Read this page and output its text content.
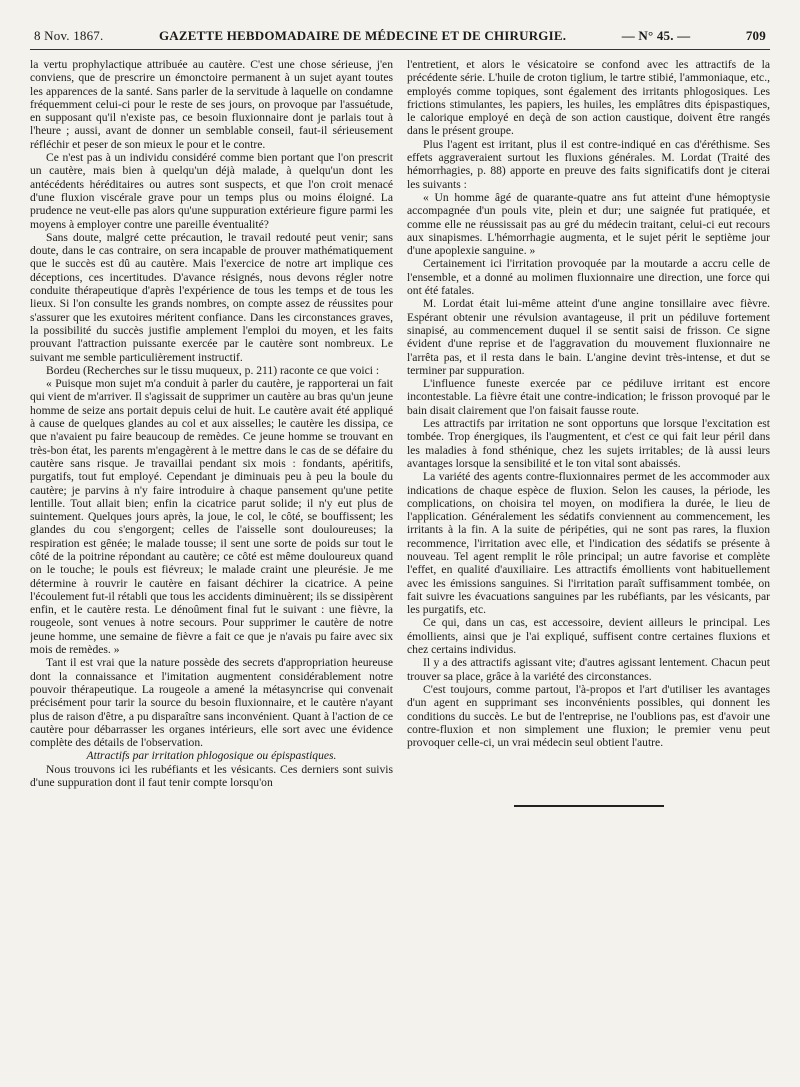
8 Nov. 1867.	GAZETTE HEBDOMADAIRE DE MÉDECINE ET DE CHIRURGIE.	— N° 45. —	709

la vertu prophylactique attribuée au cautère. C'est une chose sérieuse, j'en conviens, que de prescrire un émonctoire permanent à un sujet ayant toutes les apparences de la santé. Sans parler de la servitude à laquelle on condamne fréquemment celui-ci pour le reste de ses jours, on provoque par l'assuétude, en supposant qu'il n'existe pas, ce besoin fluxionnaire dont je parlais tout à l'heure ; aussi, avant de donner un semblable conseil, faut-il sérieusement réfléchir et peser de son mieux le pour et le contre.

Ce n'est pas à un individu considéré comme bien portant que l'on prescrit un cautère, mais bien à quelqu'un déjà malade, à quelqu'un dont les antécédents héréditaires ou autres sont suspects, et que l'on croit menacé d'une fluxion viscérale grave pour un temps plus ou moins éloigné. La prudence ne veut-elle pas alors qu'une suppuration extérieure figure parmi les moyens à employer contre une pareille éventualité?

Sans doute, malgré cette précaution, le travail redouté peut venir; sans doute, dans le cas contraire, on sera incapable de prouver mathématiquement que le succès est dû au cautère. Mais l'exercice de notre art implique ces déceptions, ces incertitudes. D'avance résignés, nous devons régler notre conduite thérapeutique d'après l'expérience de tous les temps et de tous les lieux. Si l'on consulte les grands nombres, on compte assez de réussites pour s'assurer que les exutoires méritent confiance. Dans les circonstances graves, la possibilité du succès justifie amplement l'emploi du moyen, et les faits prouvant l'attraction puissante exercée par le cautère sont nombreux. Le suivant me semble particulièrement instructif.

Bordeu (Recherches sur le tissu muqueux, p. 211) raconte ce que voici :

« Puisque mon sujet m'a conduit à parler du cautère, je rapporterai un fait qui vient de m'arriver. Il s'agissait de supprimer un cautère au bras qu'un jeune homme de seize ans portait depuis celui de huit. Le cautère avait été appliqué à cause de quelques glandes au col et aux aisselles; le cautère les dissipa, ce que n'avaient pu faire beaucoup de remèdes. Ce jeune homme se trouvant en très-bon état, les parents m'engagèrent à le mettre dans le cas de se défaire du cautère sans risque. Je travaillai pendant six mois : fondants, apéritifs, purgatifs, tout fut employé. Cependant je diminuais peu à peu la boule du cautère; je parvins à n'y faire introduire à chaque pansement qu'une petite lentille. Tout allait bien; enfin la cicatrice parut solide; il n'y eut plus de suintement. Quelques jours après, la joue, le col, le côté, se bouffissent; les glandes du cou s'engorgent; celles de l'aisselle sont douloureuses; la respiration est gênée; le malade tousse; il sent une sorte de poids sur tout le côté de la poitrine répondant au cautère; ce côté est même douloureux quand on le touche; le pouls est fiévreux; le malade craint une pleurésie. Je me détermine à rouvrir le cautère en faisant déchirer la cicatrice. A peine l'écoulement fut-il rétabli que tous les accidents diminuèrent; ils se dissipèrent enfin, et le cautère resta. Le dénoûment final fut le suivant : une fièvre, la rougeole, sont venues à notre secours. Pour supprimer le cautère de notre jeune homme, une semaine de fièvre a fait ce que je n'avais pu faire avec six mois de remèdes. »

Tant il est vrai que la nature possède des secrets d'appropriation heureuse dont la connaissance et l'imitation augmentent considérablement notre pouvoir thérapeutique. La rougeole a amené la métasyncrise qui convenait précisément pour tarir la source du besoin fluxionnaire, et le cautère n'ayant plus de raison d'être, a pu disparaître sans inconvénient. Quant à l'action de ce cautère pour débarrasser les organes intérieurs, elle sort avec une évidence complète des détails de l'observation.

Attractifs par irritation phlogosique ou épispastiques.

Nous trouvons ici les rubéfiants et les vésicants. Ces derniers sont suivis d'une suppuration dont il faut tenir compte lorsqu'on

l'entretient, et alors le vésicatoire se confond avec les attractifs de la précédente série. L'huile de croton tiglium, le tartre stibié, l'ammoniaque, etc., employés comme topiques, sont également des irritants phlogosiques. Les frictions stimulantes, les papiers, les huiles, les emplâtres dits épispastiques, le calorique employé en deçà de son action caustique, doivent être rangés dans le présent groupe.

Plus l'agent est irritant, plus il est contre-indiqué en cas d'éréthisme. Ses effets aggraveraient surtout les fluxions générales. M. Lordat (Traité des hémorrhagies, p. 88) apporte en preuve des faits significatifs dont je citerai les suivants :

« Un homme âgé de quarante-quatre ans fut atteint d'une hémoptysie accompagnée d'un pouls vite, plein et dur; une saignée fut pratiquée, et comme elle ne réussissait pas au gré du médecin traitant, celui-ci eut recours aux sinapismes. L'hémorrhagie augmenta, et le sujet périt le septième jour d'une apoplexie sanguine. »

Certainement ici l'irritation provoquée par la moutarde a accru celle de l'ensemble, et a donné au molimen fluxionnaire une direction, une force qui ont été fatales.

M. Lordat était lui-même atteint d'une angine tonsillaire avec fièvre. Espérant obtenir une révulsion avantageuse, il prit un pédiluve fortement sinapisé, au commencement duquel il se sentit saisi de frisson. Ce signe évident d'une reprise et de l'aggravation du mouvement fluxionnaire ne l'arrêta pas, et il resta dans le bain. L'angine devint très-intense, et dut se terminer par suppuration.

L'influence funeste exercée par ce pédiluve irritant est encore incontestable. La fièvre était une contre-indication; le frisson provoqué par le bain disait clairement que l'on faisait fausse route.

Les attractifs par irritation ne sont opportuns que lorsque l'excitation est tombée. Trop énergiques, ils l'augmentent, et c'est ce qui fait leur péril dans les maladies à fond sthénique, chez les sujets irritables; de là aussi leurs avantages lorsque la sensibilité et le ton vital sont abaissés.

La variété des agents contre-fluxionnaires permet de les accommoder aux indications de chaque espèce de fluxion. Selon les causes, la période, les complications, on choisira tel moyen, on modifiera la durée, le lieu de l'application. Généralement les sédatifs conviennent au commencement, les irritants à la fin. A la suite de péripéties, qui ne sont pas rares, la fluxion recommence, l'irritation avec elle, et l'indication des sédatifs se présente à nouveau. Tel agent remplit le rôle principal; un autre favorise et complète l'effet, en qualité d'auxiliaire. Les attractifs émollients vont habituellement avec les émissions sanguines. Si l'irritation paraît suffisamment tombée, on fait suivre les évacuations sanguines par les rubéfiants, par les vésicants, par les purgatifs, etc.

Ce qui, dans un cas, est accessoire, devient ailleurs le principal. Les émollients, ainsi que je l'ai expliqué, suffisent contre certaines fluxions et chez certains individus.

Il y a des attractifs agissant vite; d'autres agissant lentement. Chacun peut trouver sa place, grâce à la variété des circonstances.

C'est toujours, comme partout, l'à-propos et l'art d'utiliser les avantages d'un agent en supprimant ses inconvénients possibles, qui donnent les conditions du succès. Le but de l'entreprise, ne l'oublions pas, est d'avoir une contre-fluxion et non simplement une fluxion; le premier venu peut provoquer celle-ci, un vrai médecin seul obtient l'autre.
